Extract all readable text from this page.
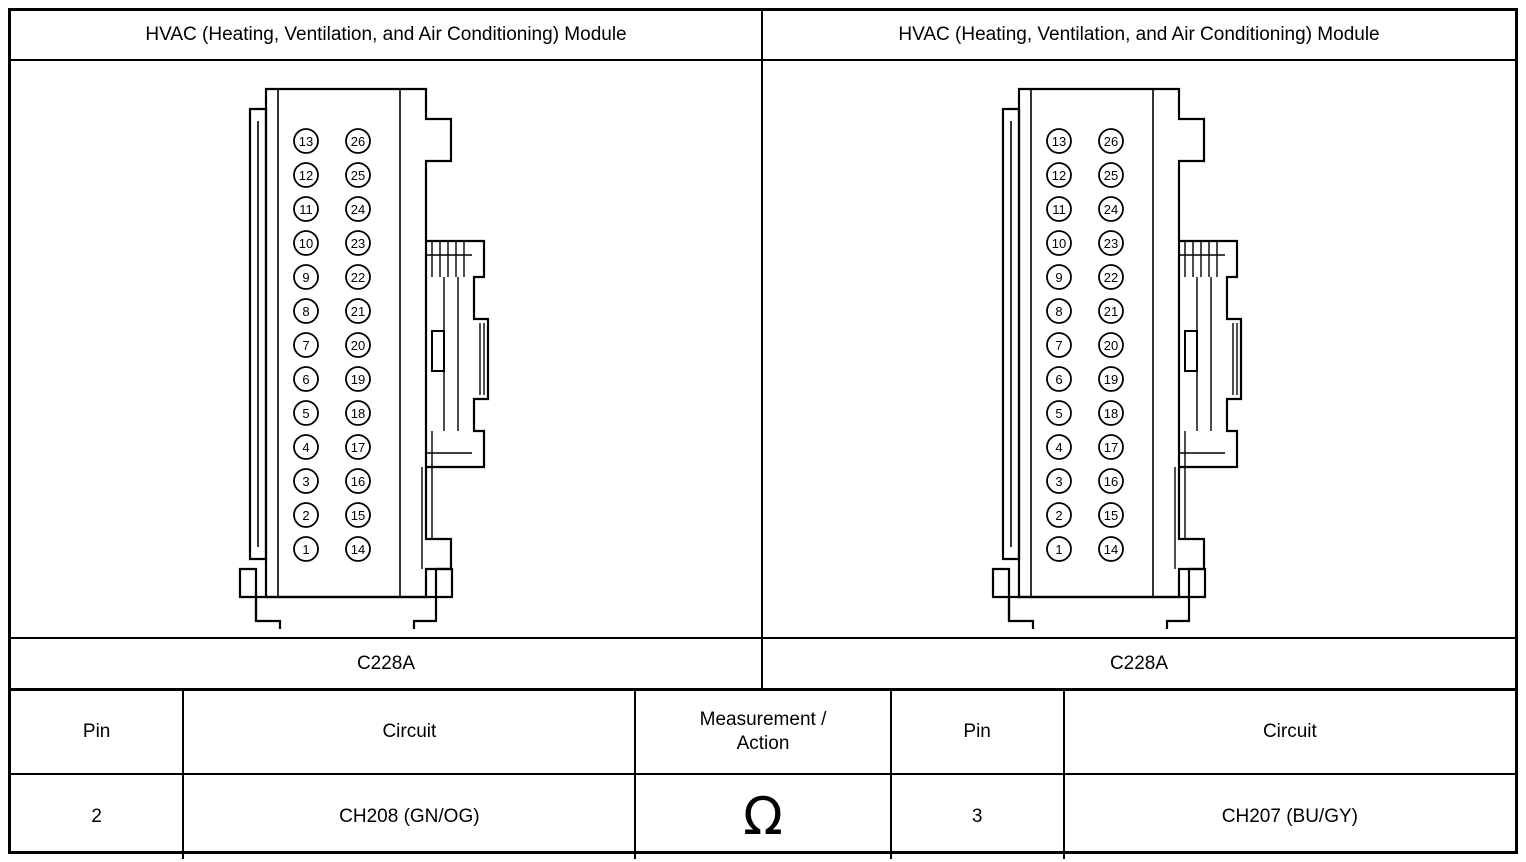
HVAC (Heating, Ventilation, and Air Conditioning) Module	HVAC (Heating, Ventilation, and Air Conditioning) Module
1
2
3
4
5
6
7
8
9
10
11
12
13
14
15
16
17
18
19
20
21
22
23
24
25
26
1
2
3
4
5
6
7
8
9
10
11
12
13
14
15
16
17
18
19
20
21
22
23
24
25
26
C228A	C228A
Pin	Circuit	Measurement /
Action	Pin	Circuit
2	CH208 (GN/OG)	Ω	3	CH207 (BU/GY)
